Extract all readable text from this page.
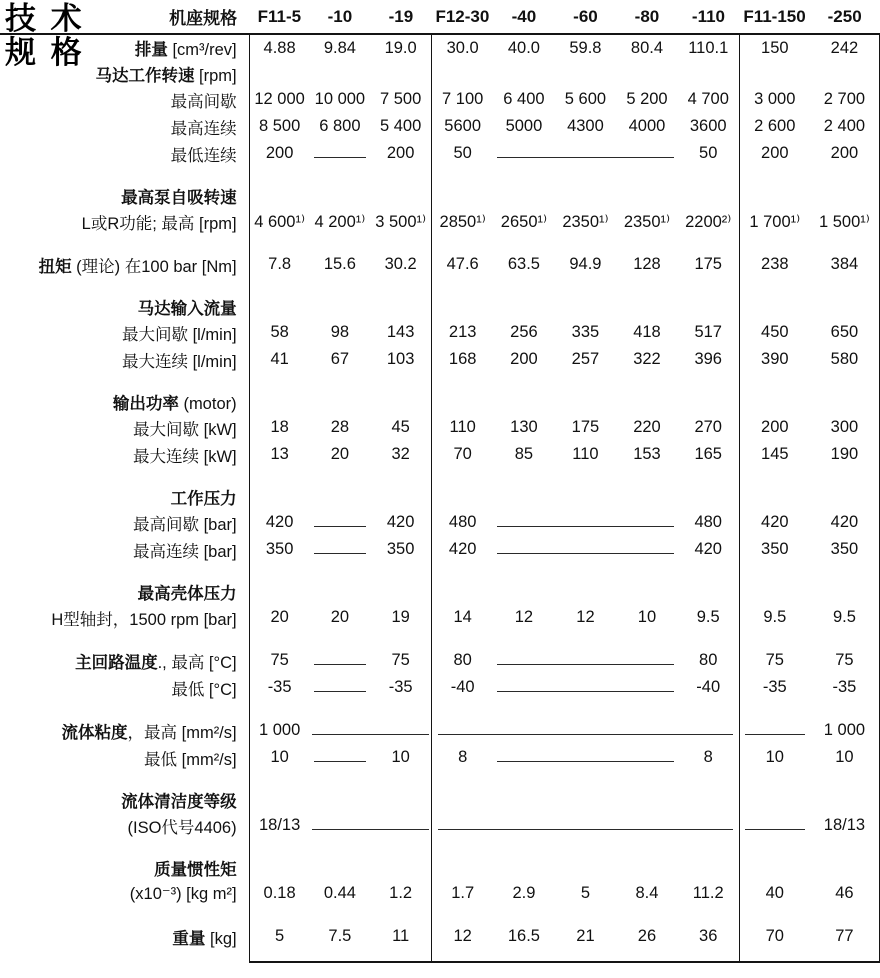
技 术
规 格
机座规格	F11-5	-10	-19	F12-30	-40	-60	-80	-110	F11-150	-250
排量 [cm³/rev]	4.88	9.84	19.0	30.0	40.0	59.8	80.4	110.1	150	242
马达工作转速 [rpm]										
最高间歇	12 000	10 000	7 500	7 100	6 400	5 600	5 200	4 700	3 000	2 700
最高连续	8 500	6 800	5 400	5600	5000	4300	4000	3600	2 600	2 400
最低连续	200		200	50				50	200	200

最高泵自吸转速										
L或R功能; 最高 [rpm]	4 600¹⁾	4 200¹⁾	3 500¹⁾	2850¹⁾	2650¹⁾	2350¹⁾	2350¹⁾	2200²⁾	1 700¹⁾	1 500¹⁾

扭矩 (理论) 在100 bar [Nm]	7.8	15.6	30.2	47.6	63.5	94.9	128	175	238	384

马达输入流量										
最大间歇 [l/min]	58	98	143	213	256	335	418	517	450	650
最大连续 [l/min]	41	67	103	168	200	257	322	396	390	580

输出功率 (motor)										
最大间歇 [kW]	18	28	45	110	130	175	220	270	200	300
最大连续 [kW]	13	20	32	70	85	110	153	165	145	190

工作压力										
最高间歇 [bar]	420		420	480				480	420	420
最高连续 [bar]	350		350	420				420	350	350

最高壳体压力										
H型轴封，1500 rpm [bar]	20	20	19	14	12	12	10	9.5	9.5	9.5

主回路温度., 最高 [°C]	75		75	80				80	75	75
最低 [°C]	-35		-35	-40				-40	-35	-35

流体粘度，最高 [mm²/s]	1 000									1 000
最低 [mm²/s]	10		10	8				8	10	10

流体清洁度等级										
(ISO代号4406)	18/13									18/13

质量惯性矩										
(x10⁻³) [kg m²]	0.18	0.44	1.2	1.7	2.9	5	8.4	11.2	40	46

重量 [kg]	5	7.5	11	12	16.5	21	26	36	70	77
